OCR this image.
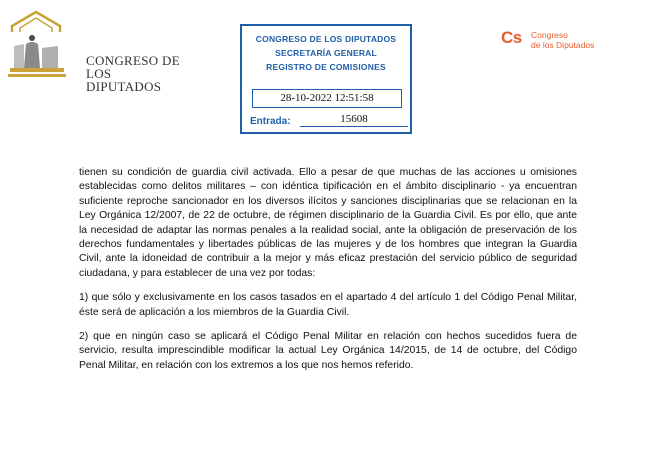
CONGRESO DE
LOS DIPUTADOS
CONGRESO DE LOS DIPUTADOS
SECRETARÍA GENERAL
REGISTRO DE COMISIONES
28-10-2022 12:51:58
Entrada:	15608
Cs Congreso
de los Diputados

tienen su condición de guardia civil activada. Ello a pesar de que muchas de las acciones u omisiones establecidas como delitos militares – con idéntica tipificación en el ámbito disciplinario - ya encuentran suficiente reproche sancionador en los diversos ilícitos y sanciones disciplinarias que se relacionan en la Ley Orgánica 12/2007, de 22 de octubre, de régimen disciplinario de la Guardia Civil. Es por ello, que ante la necesidad de adaptar las normas penales a la realidad social, ante la obligación de preservación de los derechos fundamentales y libertades públicas de las mujeres y de los hombres que integran la Guardia Civil, ante la idoneidad de contribuir a la mejor y más eficaz prestación del servicio público de seguridad ciudadana, y para establecer de una vez por todas:

1) que sólo y exclusivamente en los casos tasados en el apartado 4 del artículo 1 del Código Penal Militar, éste será de aplicación a los miembros de la Guardia Civil.

2) que en ningún caso se aplicará el Código Penal Militar en relación con hechos sucedidos fuera de servicio, resulta imprescindible modificar la actual Ley Orgánica 14/2015, de 14 de octubre, del Código Penal Militar, en relación con los extremos a los que nos hemos referido.
